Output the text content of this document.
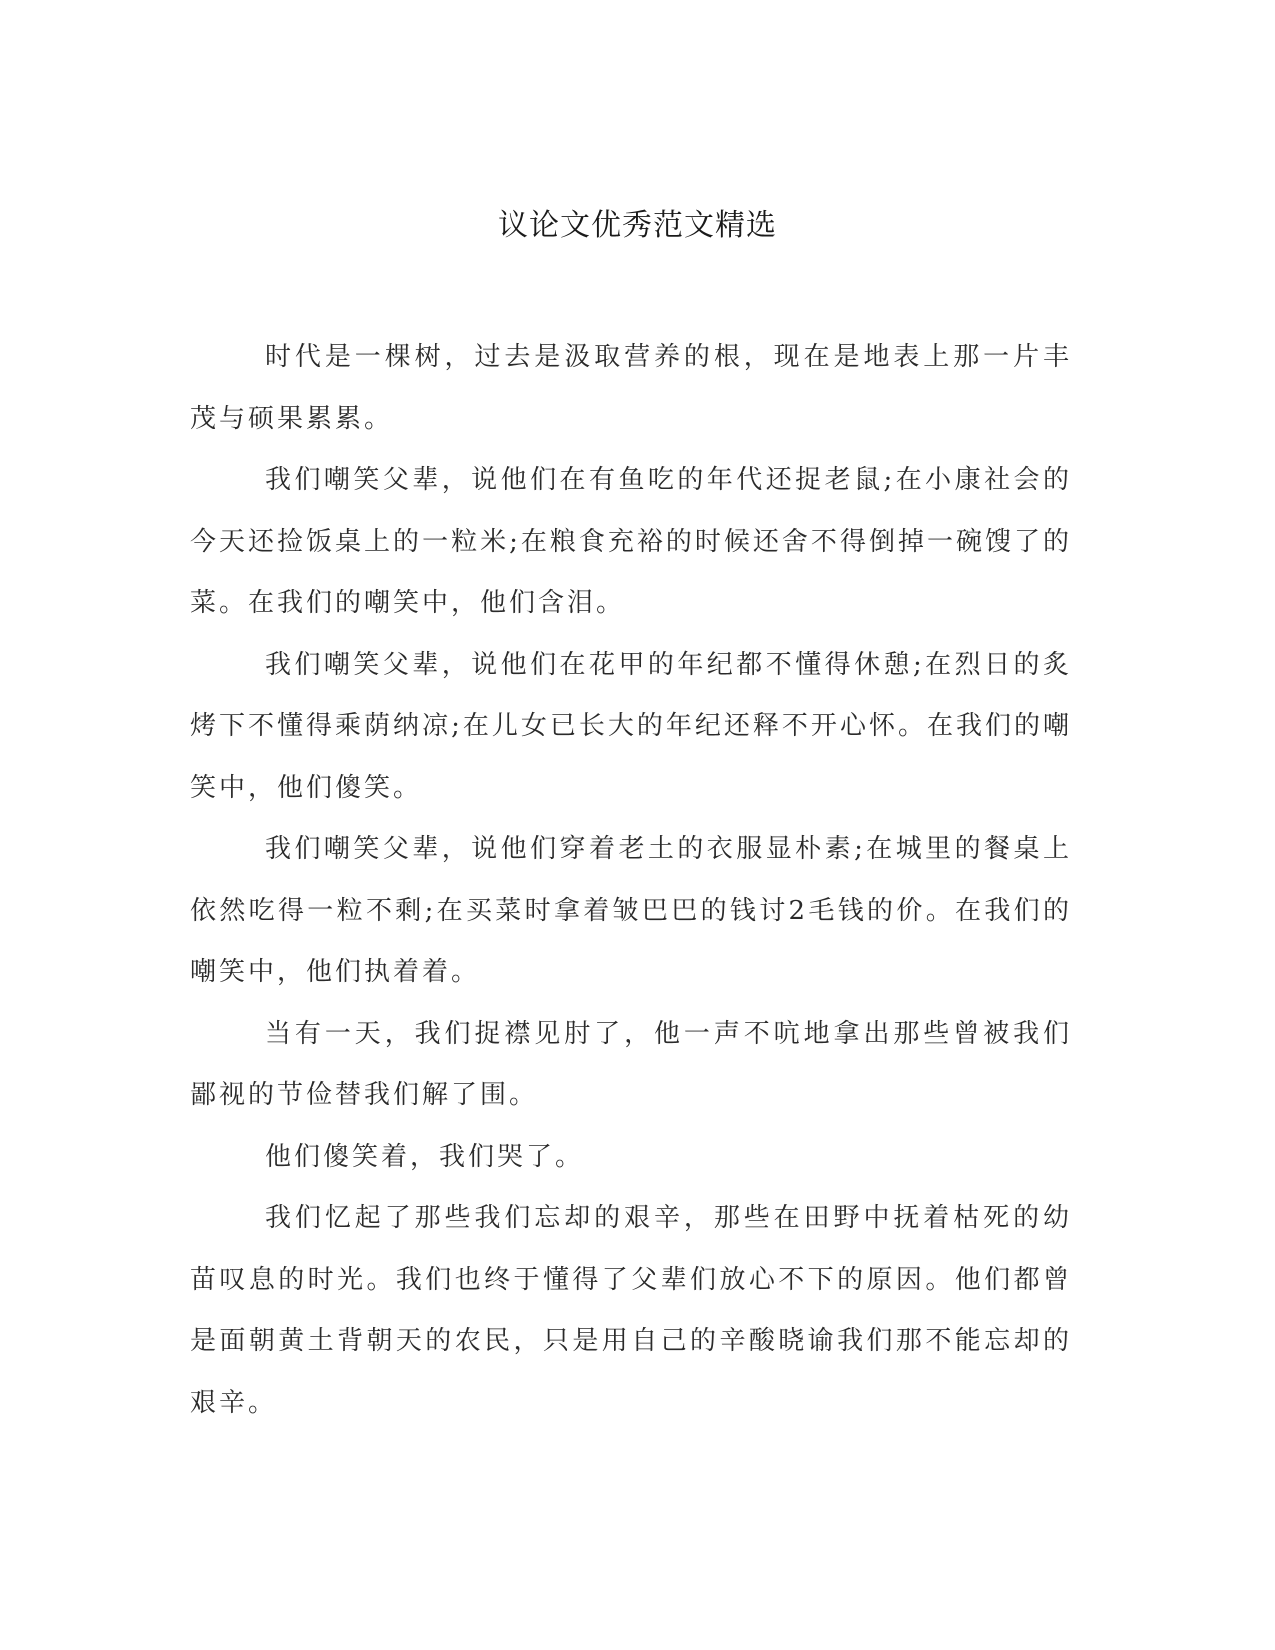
议论文优秀范文精选

时代是一棵树，过去是汲取营养的根，现在是地表上那一片丰茂与硕果累累。

我们嘲笑父辈，说他们在有鱼吃的年代还捉老鼠;在小康社会的今天还捡饭桌上的一粒米;在粮食充裕的时候还舍不得倒掉一碗馊了的菜。在我们的嘲笑中，他们含泪。

我们嘲笑父辈，说他们在花甲的年纪都不懂得休憩;在烈日的炙烤下不懂得乘荫纳凉;在儿女已长大的年纪还释不开心怀。在我们的嘲笑中，他们傻笑。

我们嘲笑父辈，说他们穿着老土的衣服显朴素;在城里的餐桌上依然吃得一粒不剩;在买菜时拿着皱巴巴的钱讨2毛钱的价。在我们的嘲笑中，他们执着着。

当有一天，我们捉襟见肘了，他一声不吭地拿出那些曾被我们鄙视的节俭替我们解了围。

他们傻笑着，我们哭了。

我们忆起了那些我们忘却的艰辛，那些在田野中抚着枯死的幼苗叹息的时光。我们也终于懂得了父辈们放心不下的原因。他们都曾是面朝黄土背朝天的农民，只是用自己的辛酸晓谕我们那不能忘却的艰辛。
